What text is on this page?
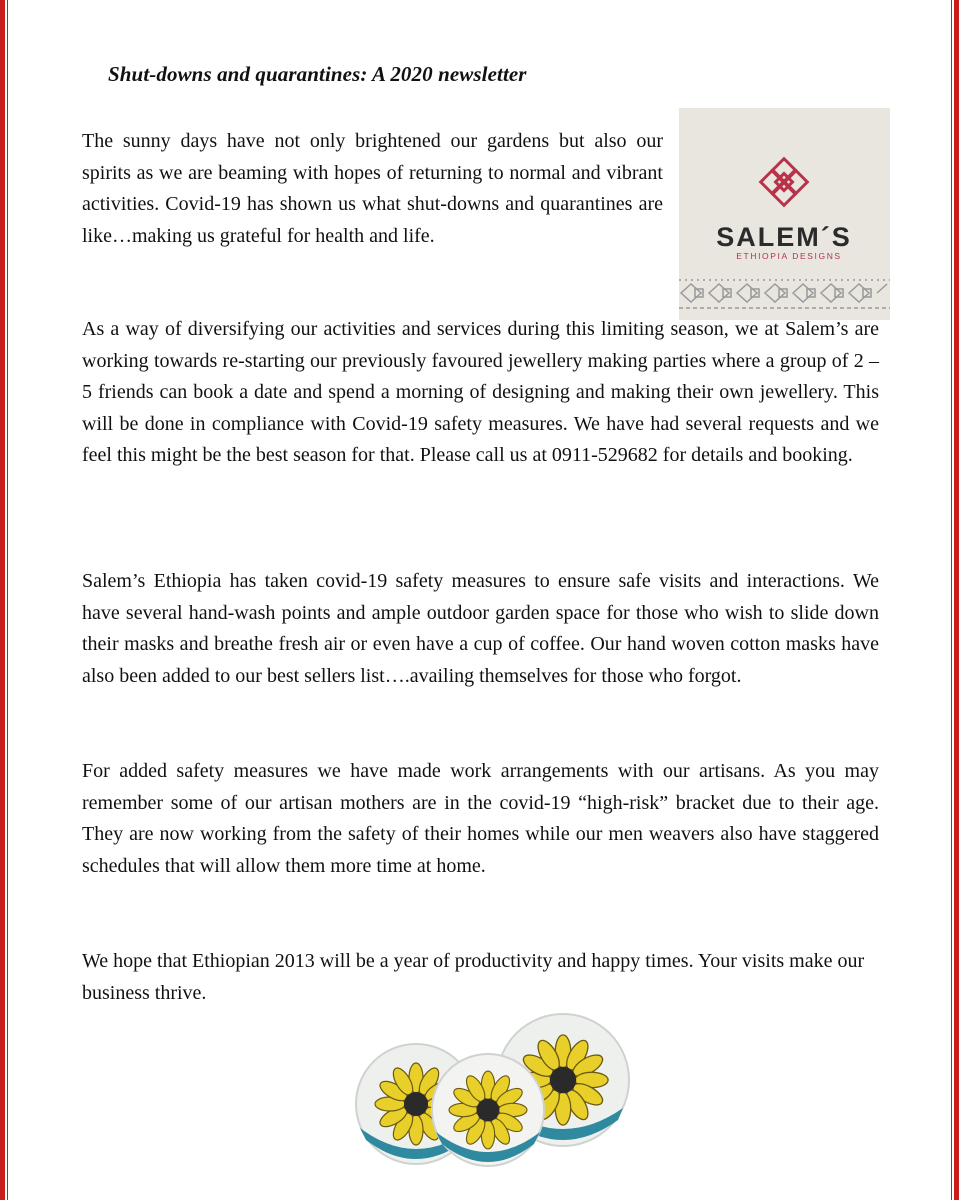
Shut-downs and quarantines: A 2020 newsletter
SALEM´S
ETHIOPIA DESIGNS

The sunny days have not only brightened our gardens but also our spirits as we are beaming with hopes of returning to normal and vibrant activities. Covid-19 has shown us what shut-downs and quarantines are like…making us grateful for health and life.

As a way of diversifying our activities and services during this limiting season, we at Salem’s are working towards re-starting our previously favoured jewellery making parties where a group of 2 – 5 friends can book a date and spend a morning of designing and making their own jewellery. This will be done in compliance with Covid-19 safety measures. We have had several requests and we feel this might be the best season for that. Please call us at 0911-529682 for details and booking.

Salem’s Ethiopia has taken covid-19 safety measures to ensure safe visits and interactions. We have several hand-wash points and ample outdoor garden space for those who wish to slide down their masks and breathe fresh air or even have a cup of coffee. Our hand woven cotton masks have also been added to our best sellers list….availing themselves for those who forgot.

For added safety measures we have made work arrangements with our artisans. As you may remember some of our artisan mothers are in the covid-19 “high-risk” bracket due to their age. They are now working from the safety of their homes while our men weavers also have staggered schedules that will allow them more time at home.

We hope that Ethiopian 2013 will be a year of productivity and happy times. Your visits make our business thrive.
